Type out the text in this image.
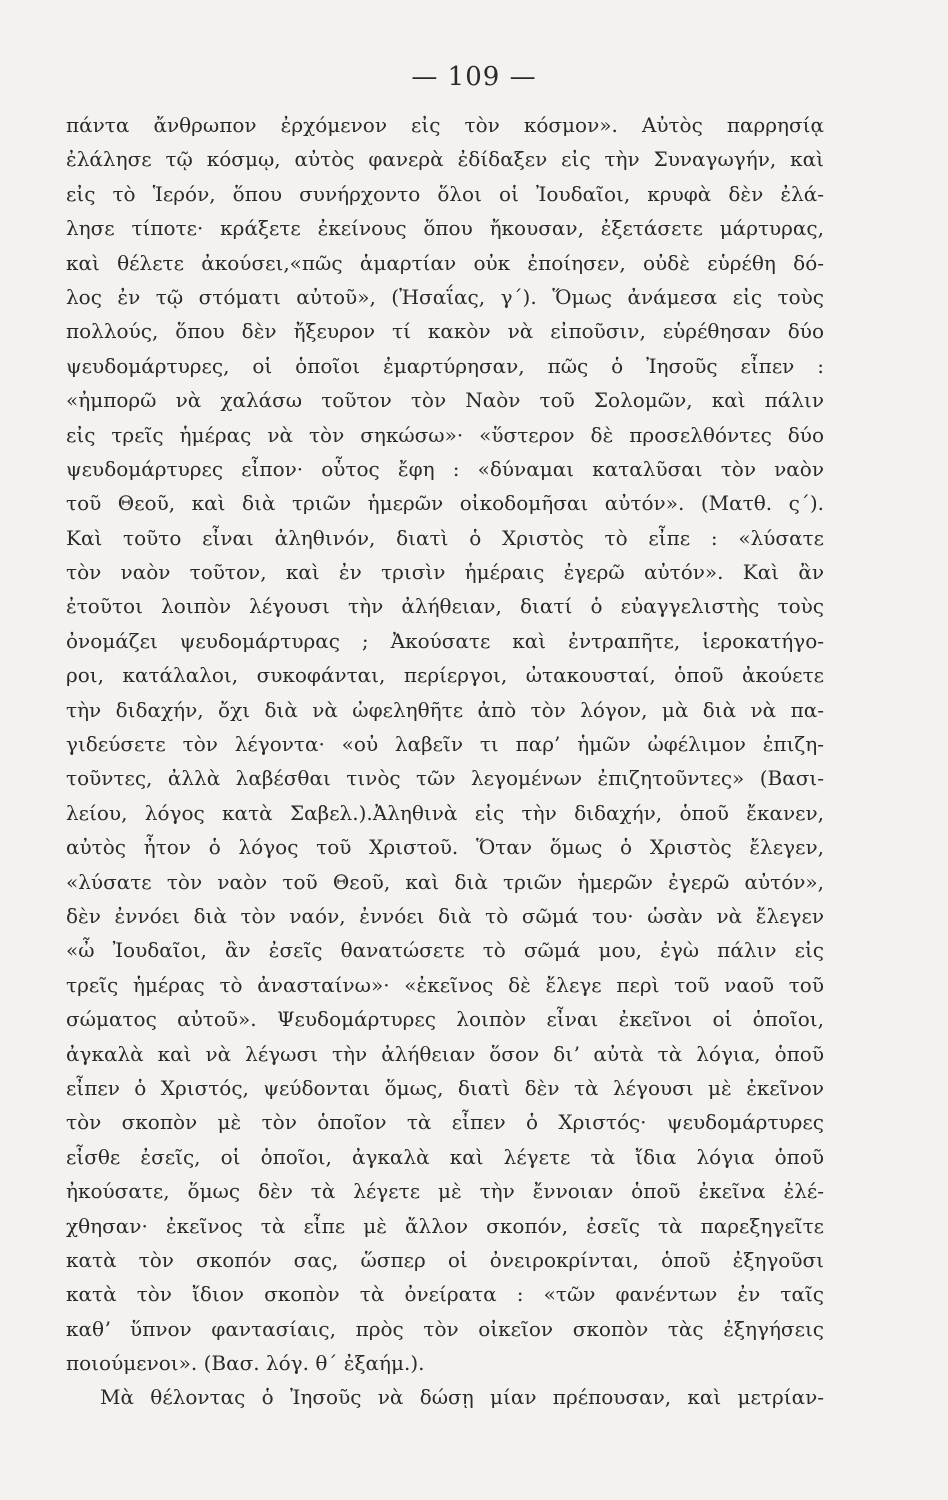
— 109 —
πάντα ἄνθρωπον ἐρχόμενον εἰς τὸν κόσμον». Αὐτὸς παρρησίᾳ
ἐλάλησε τῷ κόσμῳ, αὐτὸς φανερὰ ἐδίδαξεν εἰς τὴν Συναγωγήν, καὶ
εἰς τὸ Ἱερόν, ὅπου συνήρχοντο ὅλοι οἱ Ἰουδαῖοι, κρυφὰ δὲν ἐλά-
λησε τίποτε· κράξετε ἐκείνους ὅπου ἤκουσαν, ἐξετάσετε μάρτυρας,
καὶ θέλετε ἀκούσει,«πῶς ἁμαρτίαν οὐκ ἐποίησεν, οὐδὲ εὑρέθη δό-
λος ἐν τῷ στόματι αὐτοῦ», (Ἠσαΐας, γ΄). Ὅμως ἀνάμεσα εἰς τοὺς
πολλούς, ὅπου δὲν ἤξευρον τί κακὸν νὰ εἰποῦσιν, εὑρέθησαν δύο
ψευδομάρτυρες, οἱ ὁποῖοι ἐμαρτύρησαν, πῶς ὁ Ἰησοῦς εἶπεν :
«ἠμπορῶ νὰ χαλάσω τοῦτον τὸν Ναὸν τοῦ Σολομῶν, καὶ πάλιν
εἰς τρεῖς ἡμέρας νὰ τὸν σηκώσω»· «ὕστερον δὲ προσελθόντες δύο
ψευδομάρτυρες εἶπον· οὗτος ἔφη : «δύναμαι καταλῦσαι τὸν ναὸν
τοῦ Θεοῦ, καὶ διὰ τριῶν ἡμερῶν οἰκοδομῆσαι αὐτόν». (Ματθ. ς΄).
Καὶ τοῦτο εἶναι ἀληθινόν, διατὶ ὁ Χριστὸς τὸ εἶπε : «λύσατε
τὸν ναὸν τοῦτον, καὶ ἐν τρισὶν ἡμέραις ἐγερῶ αὐτόν». Καὶ ἂν
ἐτοῦτοι λοιπὸν λέγουσι τὴν ἀλήθειαν, διατί ὁ εὐαγγελιστὴς τοὺς
ὀνομάζει ψευδομάρτυρας ; Ἀκούσατε καὶ ἐντραπῆτε, ἱεροκατήγο-
ροι, κατάλαλοι, συκοφάνται, περίεργοι, ὠτακουσταί, ὁποῦ ἀκούετε
τὴν διδαχήν, ὄχι διὰ νὰ ὠφεληθῆτε ἀπὸ τὸν λόγον, μὰ διὰ νὰ πα-
γιδεύσετε τὸν λέγοντα· «οὐ λαβεῖν τι παρ’ ἡμῶν ὠφέλιμον ἐπιζη-
τοῦντες, ἀλλὰ λαβέσθαι τινὸς τῶν λεγομένων ἐπιζητοῦντες» (Βασι-
λείου, λόγος κατὰ Σαβελ.).Ἀληθινὰ εἰς τὴν διδαχήν, ὁποῦ ἔκανεν,
αὐτὸς ἦτον ὁ λόγος τοῦ Χριστοῦ. Ὅταν ὅμως ὁ Χριστὸς ἔλεγεν,
«λύσατε τὸν ναὸν τοῦ Θεοῦ, καὶ διὰ τριῶν ἡμερῶν ἐγερῶ αὐτόν»,
δὲν ἐννόει διὰ τὸν ναόν, ἐννόει διὰ τὸ σῶμά του· ὡσὰν νὰ ἔλεγεν
«ὦ Ἰουδαῖοι, ἂν ἐσεῖς θανατώσετε τὸ σῶμά μου, ἐγὼ πάλιν εἰς
τρεῖς ἡμέρας τὸ ἀνασταίνω»· «ἐκεῖνος δὲ ἔλεγε περὶ τοῦ ναοῦ τοῦ
σώματος αὐτοῦ». Ψευδομάρτυρες λοιπὸν εἶναι ἐκεῖνοι οἱ ὁποῖοι,
ἀγκαλὰ καὶ νὰ λέγωσι τὴν ἀλήθειαν ὅσον διʼ αὐτὰ τὰ λόγια, ὁποῦ
εἶπεν ὁ Χριστός, ψεύδονται ὅμως, διατὶ δὲν τὰ λέγουσι μὲ ἐκεῖνον
τὸν σκοπὸν μὲ τὸν ὁποῖον τὰ εἶπεν ὁ Χριστός· ψευδομάρτυρες
εἶσθε ἐσεῖς, οἱ ὁποῖοι, ἀγκαλὰ καὶ λέγετε τὰ ἴδια λόγια ὁποῦ
ἠκούσατε, ὅμως δὲν τὰ λέγετε μὲ τὴν ἔννοιαν ὁποῦ ἐκεῖνα ἐλέ-
χθησαν· ἐκεῖνος τὰ εἶπε μὲ ἄλλον σκοπόν, ἐσεῖς τὰ παρεξηγεῖτε
κατὰ τὸν σκοπόν σας, ὥσπερ οἱ ὀνειροκρίνται, ὁποῦ ἐξηγοῦσι
κατὰ τὸν ἴδιον σκοπὸν τὰ ὀνείρατα : «τῶν φανέντων ἐν ταῖς
καθʼ ὕπνον φαντασίαις, πρὸς τὸν οἰκεῖον σκοπὸν τὰς ἐξηγήσεις
ποιούμενοι». (Βασ. λόγ. θ΄ ἐξαήμ.).
Μὰ θέλοντας ὁ Ἰησοῦς νὰ δώσῃ μίαν πρέπουσαν, καὶ μετρίαν-
